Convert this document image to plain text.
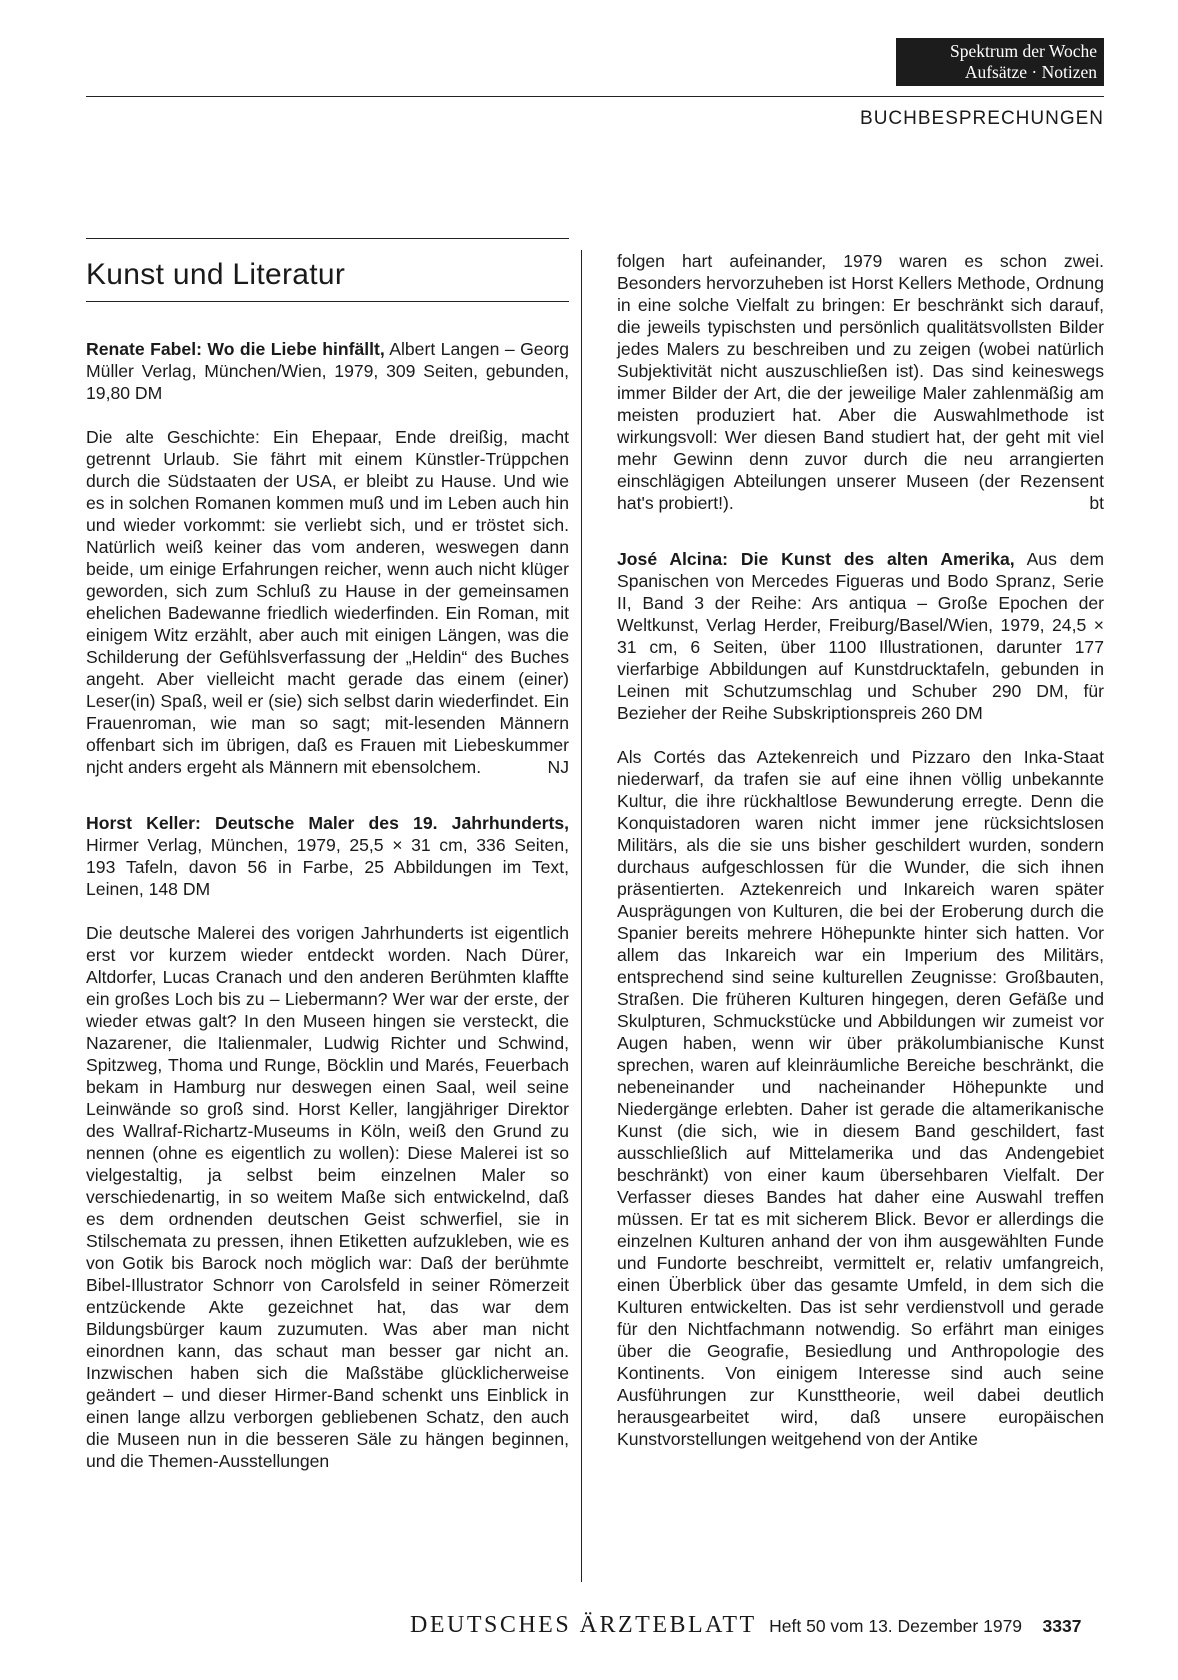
Spektrum der Woche
Aufsätze · Notizen
BUCHBESPRECHUNGEN
Kunst und Literatur

Renate Fabel: Wo die Liebe hinfällt, Albert Langen – Georg Müller Verlag, München/Wien, 1979, 309 Seiten, gebunden, 19,80 DM

Die alte Geschichte: Ein Ehepaar, Ende dreißig, macht getrennt Urlaub. Sie fährt mit einem Künstler-Trüppchen durch die Südstaaten der USA, er bleibt zu Hause. Und wie es in solchen Romanen kommen muß und im Leben auch hin und wieder vorkommt: sie verliebt sich, und er tröstet sich. Natürlich weiß keiner das vom anderen, weswegen dann beide, um einige Erfahrungen reicher, wenn auch nicht klüger geworden, sich zum Schluß zu Hause in der gemeinsamen ehelichen Badewanne friedlich wiederfinden. Ein Roman, mit einigem Witz erzählt, aber auch mit einigen Längen, was die Schilderung der Gefühlsverfassung der „Heldin“ des Buches angeht. Aber vielleicht macht gerade das einem (einer) Leser(in) Spaß, weil er (sie) sich selbst darin wiederfindet. Ein Frauenroman, wie man so sagt; mit-lesenden Männern offenbart sich im übrigen, daß es Frauen mit Liebeskummer njcht anders ergeht als Männern mit ebensolchem.	NJ

Horst Keller: Deutsche Maler des 19. Jahrhunderts, Hirmer Verlag, München, 1979, 25,5 × 31 cm, 336 Seiten, 193 Tafeln, davon 56 in Farbe, 25 Abbildungen im Text, Leinen, 148 DM

Die deutsche Malerei des vorigen Jahrhunderts ist eigentlich erst vor kurzem wieder entdeckt worden. Nach Dürer, Altdorfer, Lucas Cranach und den anderen Berühmten klaffte ein großes Loch bis zu – Liebermann? Wer war der erste, der wieder etwas galt? In den Museen hingen sie versteckt, die Nazarener, die Italienmaler, Ludwig Richter und Schwind, Spitzweg, Thoma und Runge, Böcklin und Marés, Feuerbach bekam in Hamburg nur deswegen einen Saal, weil seine Leinwände so groß sind. Horst Keller, langjähriger Direktor des Wallraf-Richartz-Museums in Köln, weiß den Grund zu nennen (ohne es eigentlich zu wollen): Diese Malerei ist so vielgestaltig, ja selbst beim einzelnen Maler so verschiedenartig, in so weitem Maße sich entwickelnd, daß es dem ordnenden deutschen Geist schwerfiel, sie in Stilschemata zu pressen, ihnen Etiketten aufzukleben, wie es von Gotik bis Barock noch möglich war: Daß der berühmte Bibel-Illustrator Schnorr von Carolsfeld in seiner Römerzeit entzückende Akte gezeichnet hat, das war dem Bildungsbürger kaum zuzumuten. Was aber man nicht einordnen kann, das schaut man besser gar nicht an. Inzwischen haben sich die Maßstäbe glücklicherweise geändert – und dieser Hirmer-Band schenkt uns Einblick in einen lange allzu verborgen gebliebenen Schatz, den auch die Museen nun in die besseren Säle zu hängen beginnen, und die Themen-Ausstellungen

folgen hart aufeinander, 1979 waren es schon zwei. Besonders hervorzuheben ist Horst Kellers Methode, Ordnung in eine solche Vielfalt zu bringen: Er beschränkt sich darauf, die jeweils typischsten und persönlich qualitätsvollsten Bilder jedes Malers zu beschreiben und zu zeigen (wobei natürlich Subjektivität nicht auszuschließen ist). Das sind keineswegs immer Bilder der Art, die der jeweilige Maler zahlenmäßig am meisten produziert hat. Aber die Auswahlmethode ist wirkungsvoll: Wer diesen Band studiert hat, der geht mit viel mehr Gewinn denn zuvor durch die neu arrangierten einschlägigen Abteilungen unserer Museen (der Rezensent hat's probiert!).	bt

José Alcina: Die Kunst des alten Amerika, Aus dem Spanischen von Mercedes Figueras und Bodo Spranz, Serie II, Band 3 der Reihe: Ars antiqua – Große Epochen der Weltkunst, Verlag Herder, Freiburg/Basel/Wien, 1979, 24,5 × 31 cm, 6 Seiten, über 1100 Illustrationen, darunter 177 vierfarbige Abbildungen auf Kunstdrucktafeln, gebunden in Leinen mit Schutzumschlag und Schuber 290 DM, für Bezieher der Reihe Subskriptionspreis 260 DM

Als Cortés das Aztekenreich und Pizzaro den Inka-Staat niederwarf, da trafen sie auf eine ihnen völlig unbekannte Kultur, die ihre rückhaltlose Bewunderung erregte. Denn die Konquistadoren waren nicht immer jene rücksichtslosen Militärs, als die sie uns bisher geschildert wurden, sondern durchaus aufgeschlossen für die Wunder, die sich ihnen präsentierten. Aztekenreich und Inkareich waren später Ausprägungen von Kulturen, die bei der Eroberung durch die Spanier bereits mehrere Höhepunkte hinter sich hatten. Vor allem das Inkareich war ein Imperium des Militärs, entsprechend sind seine kulturellen Zeugnisse: Großbauten, Straßen. Die früheren Kulturen hingegen, deren Gefäße und Skulpturen, Schmuckstücke und Abbildungen wir zumeist vor Augen haben, wenn wir über präkolumbianische Kunst sprechen, waren auf kleinräumliche Bereiche beschränkt, die nebeneinander und nacheinander Höhepunkte und Niedergänge erlebten. Daher ist gerade die altamerikanische Kunst (die sich, wie in diesem Band geschildert, fast ausschließlich auf Mittelamerika und das Andengebiet beschränkt) von einer kaum übersehbaren Vielfalt. Der Verfasser dieses Bandes hat daher eine Auswahl treffen müssen. Er tat es mit sicherem Blick. Bevor er allerdings die einzelnen Kulturen anhand der von ihm ausgewählten Funde und Fundorte beschreibt, vermittelt er, relativ umfangreich, einen Überblick über das gesamte Umfeld, in dem sich die Kulturen entwickelten. Das ist sehr verdienstvoll und gerade für den Nichtfachmann notwendig. So erfährt man einiges über die Geografie, Besiedlung und Anthropologie des Kontinents. Von einigem Interesse sind auch seine Ausführungen zur Kunsttheorie, weil dabei deutlich herausgearbeitet wird, daß unsere europäischen Kunstvorstellungen weitgehend von der Antike

DEUTSCHES ÄRZTEBLATT Heft 50 vom 13. Dezember 1979 3337
